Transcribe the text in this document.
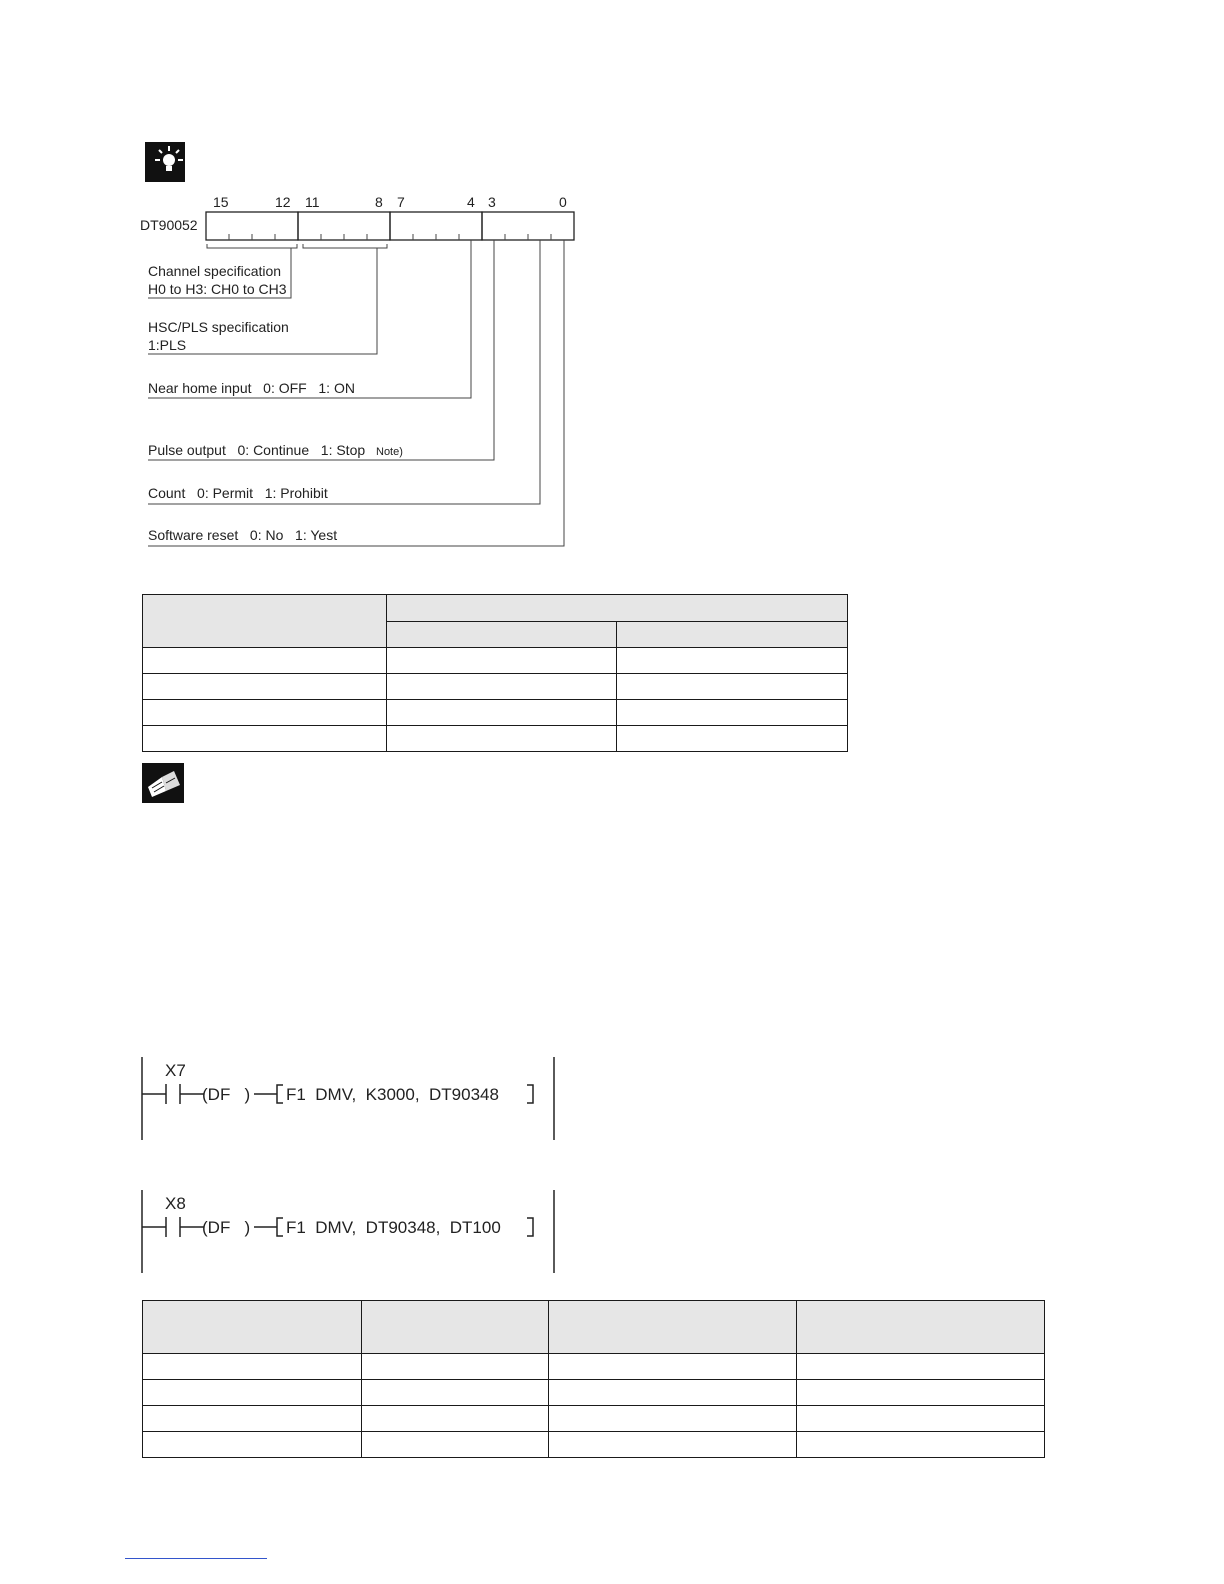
DT90052
15	12 11	8 7	4 3	0
Channel specification
H0 to H3: CH0 to CH3
HSC/PLS specification
1:PLS
Near home input   0: OFF   1: ON
Pulse output   0: Continue   1: Stop Note)
Count   0: Permit   1: Prohibit
Software reset   0: No   1: Yest

X7
(DF   ) F1  DMV,  K3000,  DT90348
X8
(DF   ) F1  DMV,  DT90348,  DT100
